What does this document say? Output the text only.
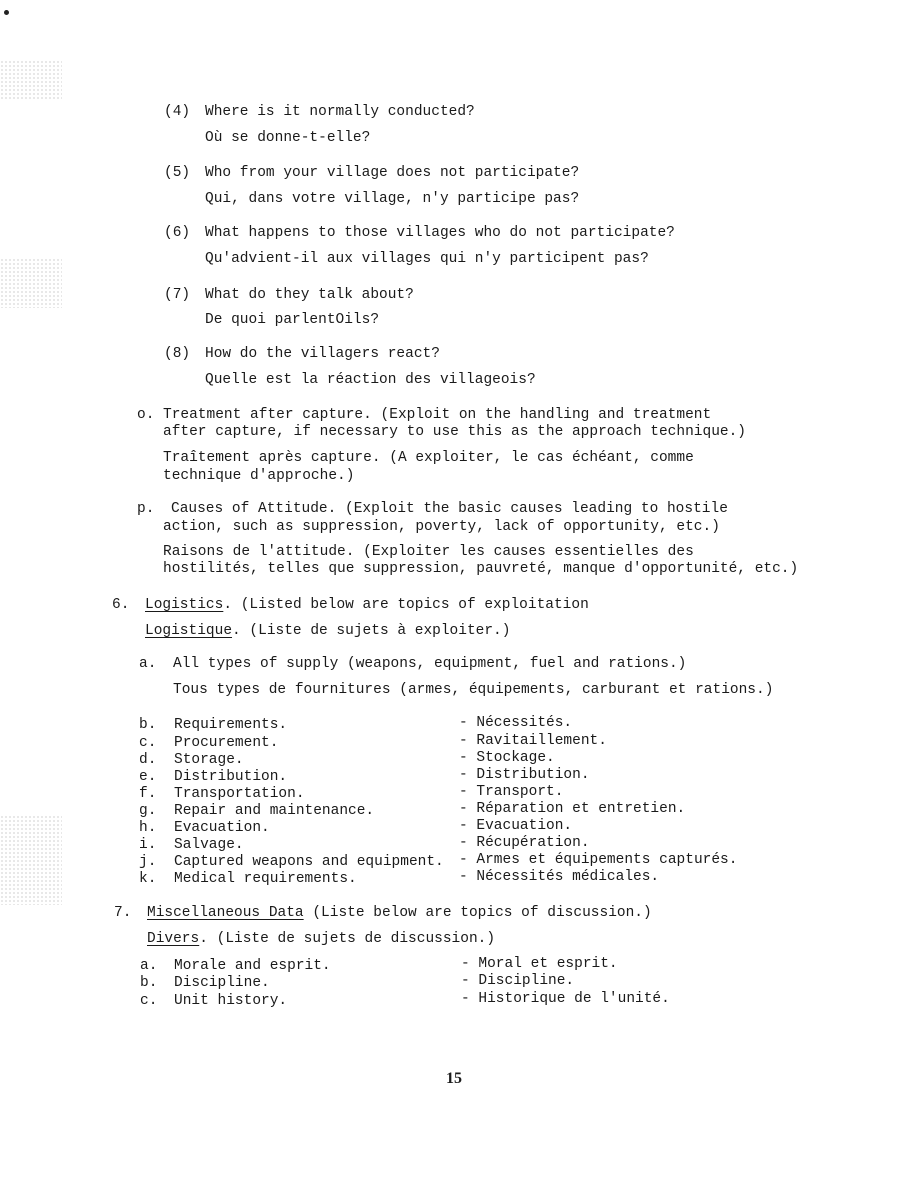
(4) Where is it normally conducted?
Où se donne-t-elle?
(5) Who from your village does not participate?
Qui, dans votre village, n'y participe pas?
(6) What happens to those villages who do not participate?
Qu'advient-il aux villages qui n'y participent pas?
(7) What do they talk about?
De quoi parlentOils?
(8) How do the villagers react?
Quelle est la réaction des villageois?
o. Treatment after capture. (Exploit on the handling and treatment
after capture, if necessary to use this as the approach technique.)
Traîtement après capture. (A exploiter, le cas échéant, comme
technique d'approche.)
p. Causes of Attitude. (Exploit the basic causes leading to hostile
action, such as suppression, poverty, lack of opportunity, etc.)
Raisons de l'attitude. (Exploiter les causes essentielles des
hostilités, telles que suppression, pauvreté, manque d'opportunité, etc.)
6. Logistics. (Listed below are topics of exploitation
Logistique. (Liste de sujets à exploiter.)
a. All types of supply (weapons, equipment, fuel and rations.)
Tous types de fournitures (armes, équipements, carburant et rations.)
b. Requirements.	- Nécessités.
c. Procurement.	- Ravitaillement.
d. Storage.	- Stockage.
e. Distribution.	- Distribution.
f. Transportation.	- Transport.
g. Repair and maintenance.	- Réparation et entretien.
h. Evacuation.	- Evacuation.
i. Salvage.	- Récupération.
j. Captured weapons and equipment. - Armes et équipements capturés.
k. Medical requirements.	- Nécessités médicales.
7. Miscellaneous Data (Liste below are topics of discussion.)
Divers. (Liste de sujets de discussion.)
a. Morale and esprit.	- Moral et esprit.
b. Discipline.	- Discipline.
c. Unit history.	- Historique de l'unité.
15
